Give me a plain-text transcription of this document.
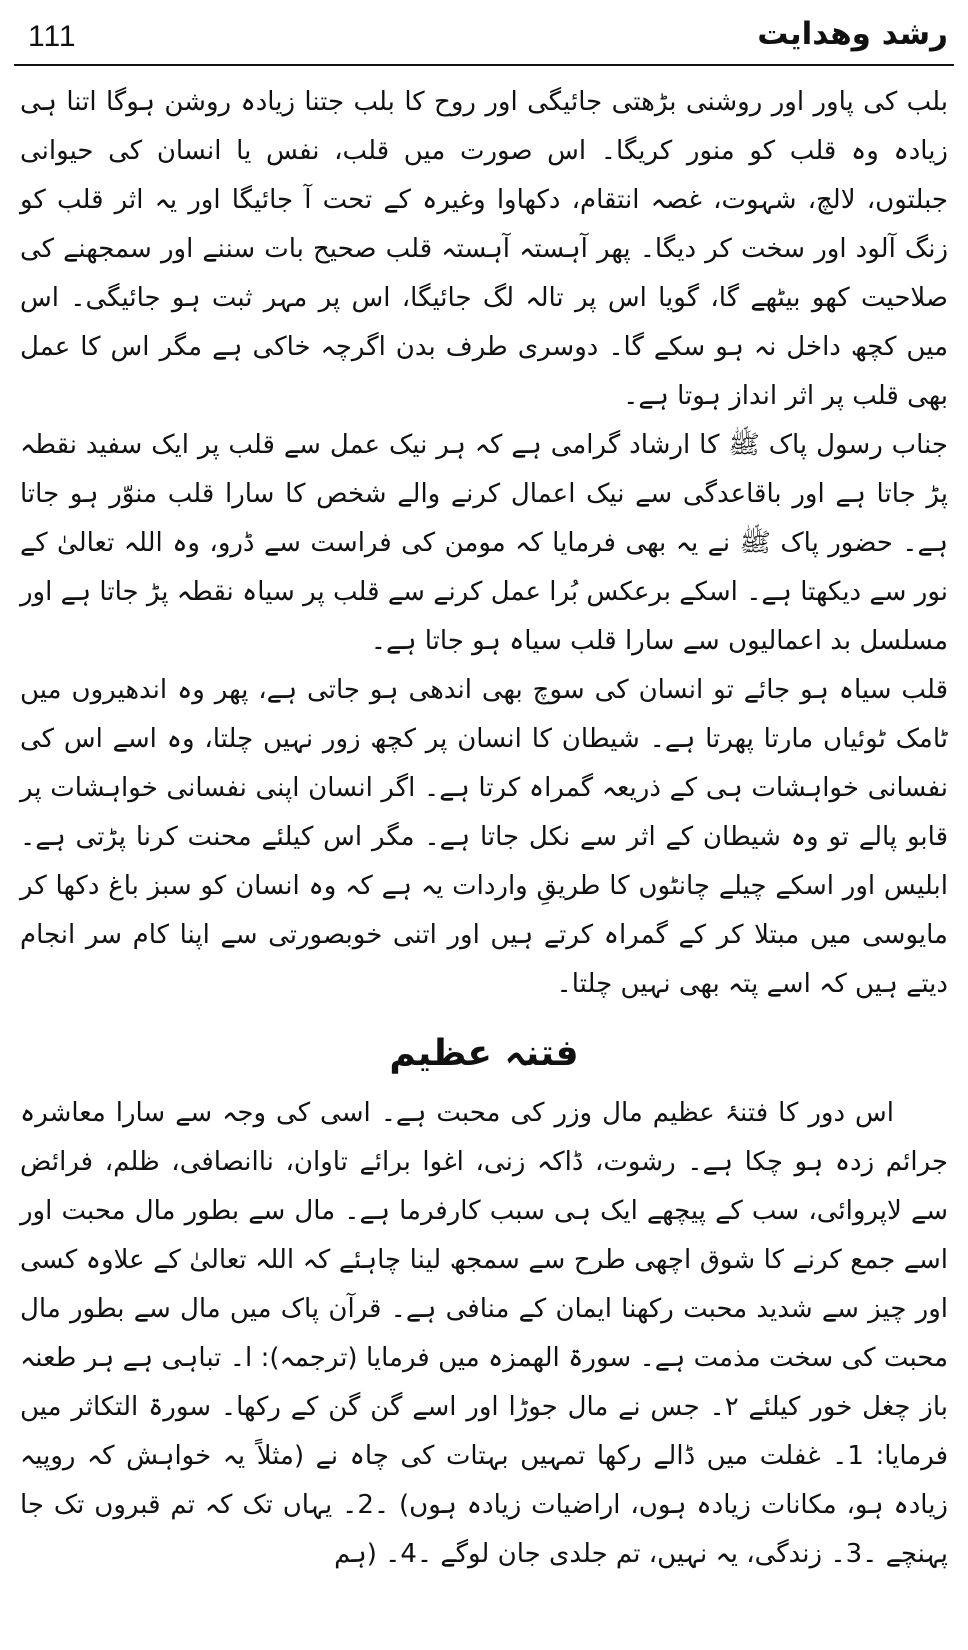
111	رشد وھدایت

بلب کی پاور اور روشنی بڑھتی جائیگی اور روح کا بلب جتنا زیادہ روشن ہوگا اتنا ہی زیادہ وہ قلب کو منور کریگا۔ اس صورت میں قلب، نفس یا انسان کی حیوانی جبلتوں، لالچ، شہوت، غصہ انتقام، دکھاوا وغیرہ کے تحت آ جائیگا اور یہ اثر قلب کو زنگ آلود اور سخت کر دیگا۔ پھر آہستہ آہستہ قلب صحیح بات سننے اور سمجھنے کی صلاحیت کھو بیٹھے گا، گویا اس پر تالہ لگ جائیگا، اس پر مہر ثبت ہو جائیگی۔ اس میں کچھ داخل نہ ہو سکے گا۔ دوسری طرف بدن اگرچہ خاکی ہے مگر اس کا عمل بھی قلب پر اثر انداز ہوتا ہے۔

جناب رسول پاک ﷺ کا ارشاد گرامی ہے کہ ہر نیک عمل سے قلب پر ایک سفید نقطہ پڑ جاتا ہے اور باقاعدگی سے نیک اعمال کرنے والے شخص کا سارا قلب منوّر ہو جاتا ہے۔ حضور پاک ﷺ نے یہ بھی فرمایا کہ مومن کی فراست سے ڈرو، وہ اللہ تعالیٰ کے نور سے دیکھتا ہے۔ اسکے برعکس بُرا عمل کرنے سے قلب پر سیاہ نقطہ پڑ جاتا ہے اور مسلسل بد اعمالیوں سے سارا قلب سیاہ ہو جاتا ہے۔

قلب سیاہ ہو جائے تو انسان کی سوچ بھی اندھی ہو جاتی ہے، پھر وہ اندھیروں میں ٹامک ٹوئیاں مارتا پھرتا ہے۔ شیطان کا انسان پر کچھ زور نہیں چلتا، وہ اسے اس کی نفسانی خواہشات ہی کے ذریعہ گمراہ کرتا ہے۔ اگر انسان اپنی نفسانی خواہشات پر قابو پالے تو وہ شیطان کے اثر سے نکل جاتا ہے۔ مگر اس کیلئے محنت کرنا پڑتی ہے۔ ابلیس اور اسکے چیلے چانٹوں کا طریقِ واردات یہ ہے کہ وہ انسان کو سبز باغ دکھا کر مایوسی میں مبتلا کر کے گمراہ کرتے ہیں اور اتنی خوبصورتی سے اپنا کام سر انجام دیتے ہیں کہ اسے پتہ بھی نہیں چلتا۔

فتنہ عظیم

اس دور کا فتنۂ عظیم مال وزر کی محبت ہے۔ اسی کی وجہ سے سارا معاشرہ جرائم زدہ ہو چکا ہے۔ رشوت، ڈاکہ زنی، اغوا برائے تاوان، ناانصافی، ظلم، فرائض سے لاپروائی، سب کے پیچھے ایک ہی سبب کارفرما ہے۔ مال سے بطور مال محبت اور اسے جمع کرنے کا شوق اچھی طرح سے سمجھ لینا چاہئے کہ اللہ تعالیٰ کے علاوہ کسی اور چیز سے شدید محبت رکھنا ایمان کے منافی ہے۔ قرآن پاک میں مال سے بطور مال محبت کی سخت مذمت ہے۔ سورۃ الھمزہ میں فرمایا (ترجمہ): ا۔ تباہی ہے ہر طعنہ باز چغل خور کیلئے ۲۔ جس نے مال جوڑا اور اسے گن گن کے رکھا۔ سورۃ التکاثر میں فرمایا: 1۔ غفلت میں ڈالے رکھا تمہیں بہتات کی چاہ نے (مثلاً یہ خواہش کہ روپیہ زیادہ ہو، مکانات زیادہ ہوں، اراضیات زیادہ ہوں) ۔2۔ یہاں تک کہ تم قبروں تک جا پہنچے ۔3۔ زندگی، یہ نہیں، تم جلدی جان لوگے ۔4۔ (ہم
